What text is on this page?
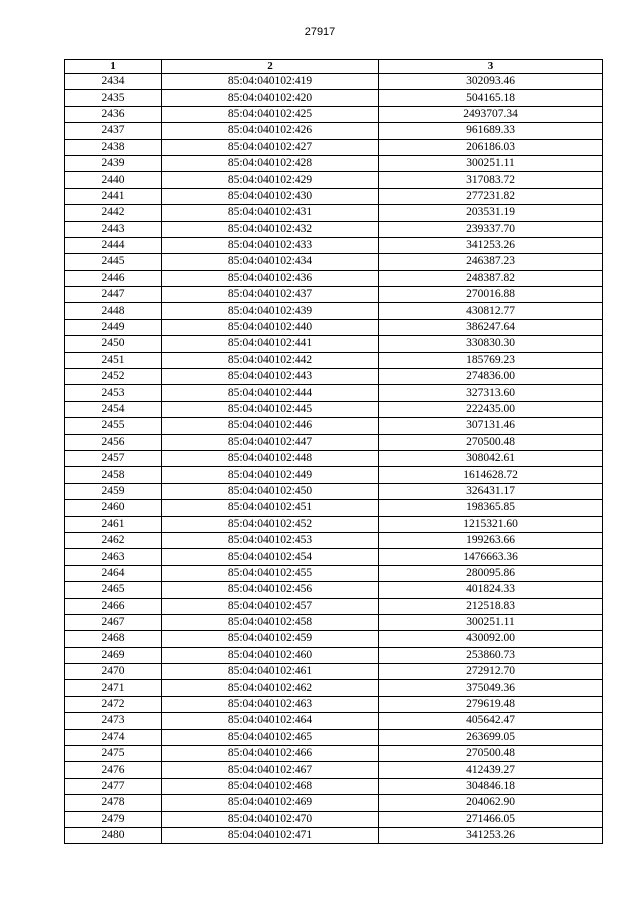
27917
1	2	3
2434	85:04:040102:419	302093.46
2435	85:04:040102:420	504165.18
2436	85:04:040102:425	2493707.34
2437	85:04:040102:426	961689.33
2438	85:04:040102:427	206186.03
2439	85:04:040102:428	300251.11
2440	85:04:040102:429	317083.72
2441	85:04:040102:430	277231.82
2442	85:04:040102:431	203531.19
2443	85:04:040102:432	239337.70
2444	85:04:040102:433	341253.26
2445	85:04:040102:434	246387.23
2446	85:04:040102:436	248387.82
2447	85:04:040102:437	270016.88
2448	85:04:040102:439	430812.77
2449	85:04:040102:440	386247.64
2450	85:04:040102:441	330830.30
2451	85:04:040102:442	185769.23
2452	85:04:040102:443	274836.00
2453	85:04:040102:444	327313.60
2454	85:04:040102:445	222435.00
2455	85:04:040102:446	307131.46
2456	85:04:040102:447	270500.48
2457	85:04:040102:448	308042.61
2458	85:04:040102:449	1614628.72
2459	85:04:040102:450	326431.17
2460	85:04:040102:451	198365.85
2461	85:04:040102:452	1215321.60
2462	85:04:040102:453	199263.66
2463	85:04:040102:454	1476663.36
2464	85:04:040102:455	280095.86
2465	85:04:040102:456	401824.33
2466	85:04:040102:457	212518.83
2467	85:04:040102:458	300251.11
2468	85:04:040102:459	430092.00
2469	85:04:040102:460	253860.73
2470	85:04:040102:461	272912.70
2471	85:04:040102:462	375049.36
2472	85:04:040102:463	279619.48
2473	85:04:040102:464	405642.47
2474	85:04:040102:465	263699.05
2475	85:04:040102:466	270500.48
2476	85:04:040102:467	412439.27
2477	85:04:040102:468	304846.18
2478	85:04:040102:469	204062.90
2479	85:04:040102:470	271466.05
2480	85:04:040102:471	341253.26
